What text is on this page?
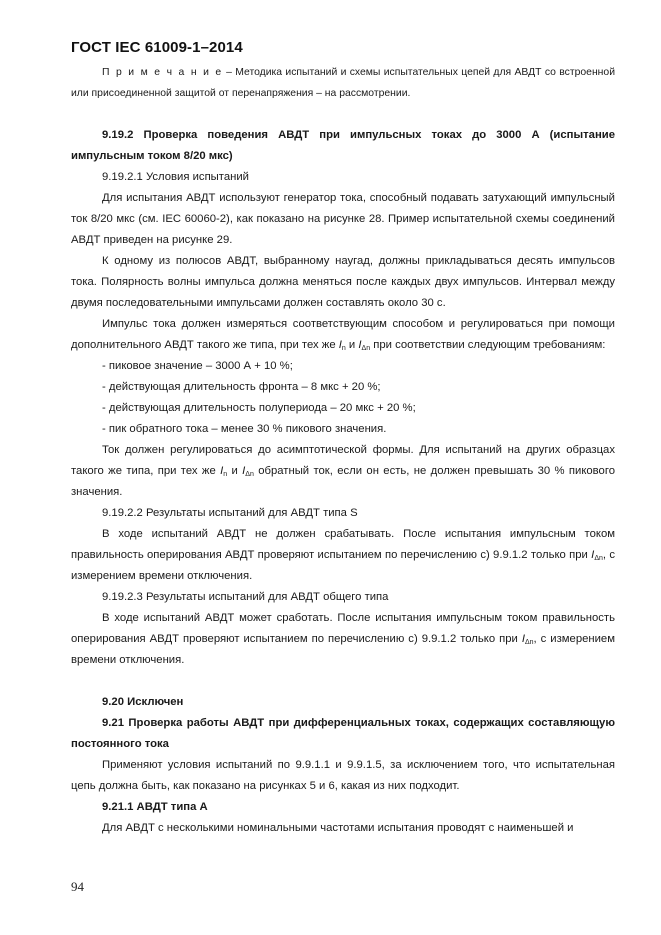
ГОСТ IEC 61009-1–2014

П р и м е ч а н и е – Методика испытаний и схемы испытательных цепей для АВДТ со встроенной или присоединенной защитой от перенапряжения – на рассмотрении.

9.19.2 Проверка поведения АВДТ при импульсных токах до 3000 А (испытание импульсным током 8/20 мкс)

9.19.2.1 Условия испытаний

Для испытания АВДТ используют генератор тока, способный подавать затухающий импульсный ток 8/20 мкс (см. IEC 60060-2), как показано на рисунке 28. Пример испытательной схемы соединений АВДТ приведен на рисунке 29.

К одному из полюсов АВДТ, выбранному наугад, должны прикладываться десять импульсов тока. Полярность волны импульса должна меняться после каждых двух импульсов. Интервал между двумя последовательными импульсами должен составлять около 30 с.

Импульс тока должен измеряться соответствующим способом и регулироваться при помощи дополнительного АВДТ такого же типа, при тех же $I_n$ и $I_{\Delta n}$ при соответствии следующим требованиям:

- пиковое значение – 3000 А + 10 %;

- действующая длительность фронта – 8 мкс + 20 %;

- действующая длительность полупериода – 20 мкс + 20 %;

- пик обратного тока – менее 30 % пикового значения.

Ток должен регулироваться до асимптотической формы. Для испытаний на других образцах такого же типа, при тех же $I_n$ и $I_{\Delta n}$ обратный ток, если он есть, не должен превышать 30 % пикового значения.

9.19.2.2 Результаты испытаний для АВДТ типа S

В ходе испытаний АВДТ не должен срабатывать. После испытания импульсным током правильность оперирования АВДТ проверяют испытанием по перечислению с) 9.9.1.2 только при $I_{\Delta n}$, с измерением времени отключения.

9.19.2.3 Результаты испытаний для АВДТ общего типа

В ходе испытаний АВДТ может сработать. После испытания импульсным током правильность оперирования АВДТ проверяют испытанием по перечислению с) 9.9.1.2 только при $I_{\Delta n}$, с измерением времени отключения.

9.20 Исключен

9.21 Проверка работы АВДТ при дифференциальных токах, содержащих составляющую постоянного тока

Применяют условия испытаний по 9.9.1.1 и 9.9.1.5, за исключением того, что испытательная цепь должна быть, как показано на рисунках 5 и 6, какая из них подходит.

9.21.1 АВДТ типа А

Для АВДТ с несколькими номинальными частотами испытания проводят с наименьшей и

94
